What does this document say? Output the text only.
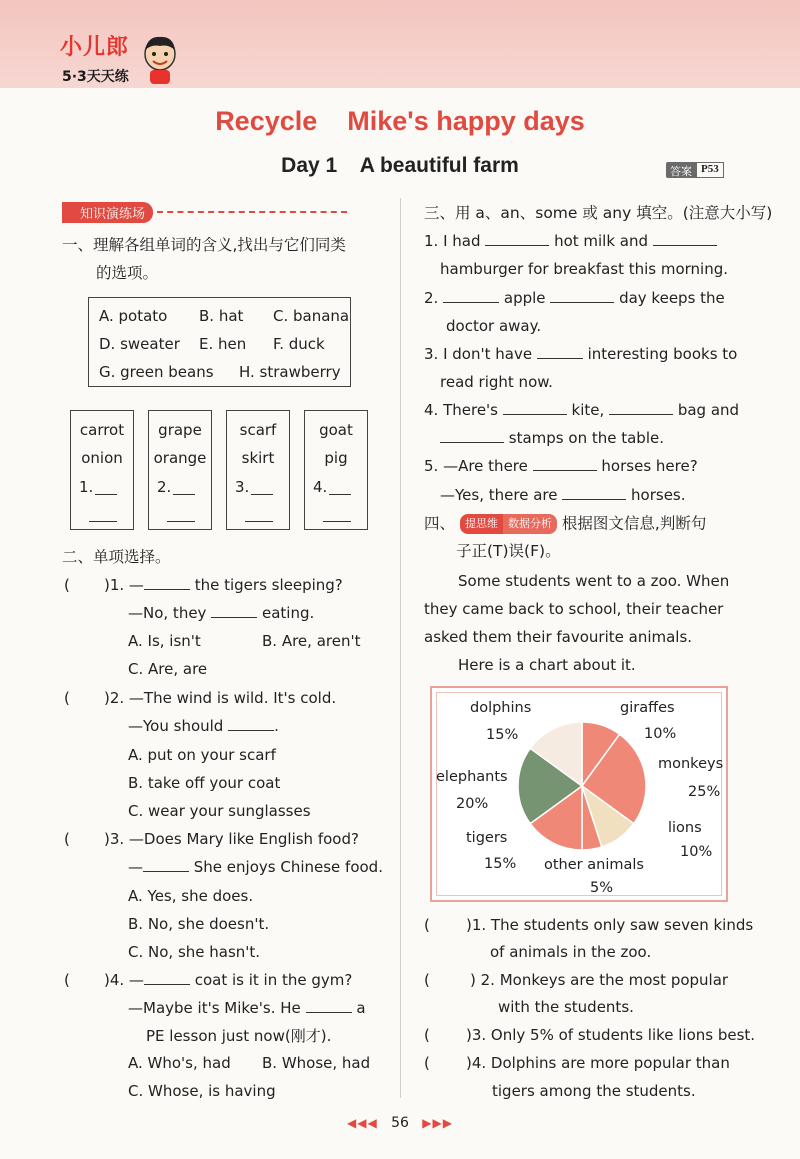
小儿郎
5·3天天练
Recycle    Mike's happy days
Day 1    A beautiful farm	答案 P53
知识演练场
一、理解各组单词的含义,找出与它们同类
的选项。
A. potato B. hat C. banana
D. sweater E. hen F. duck
G. green beans H. strawberry
carrot
onion
1.
grape
orange
2.
scarf
skirt
3.
goat
pig
4.
二、单项选择。
( )1. —	the tigers sleeping?
—No, they	eating.
A. Is, isn't	B. Are, aren't
C. Are, are
( )2. —The wind is wild. It's cold.
—You should	.
A. put on your scarf
B. take off your coat
C. wear your sunglasses
( )3. —Does Mary like English food?
—	She enjoys Chinese food.
A. Yes, she does.
B. No, she doesn't.
C. No, she hasn't.
( )4. —	coat is it in the gym?
—Maybe it's Mike's. He	a
PE lesson just now(刚才).
A. Who's, had B. Whose, had
C. Whose, is having
三、用 a、an、some 或 any 填空。(注意大小写)
1. I had	hot milk and
hamburger for breakfast this morning.
2.	apple	day keeps the
doctor away.
3. I don't have	interesting books to
read right now.
4. There's	kite,	bag and
stamps on the table.
5. —Are there	horses here?
—Yes, there are	horses.
四、 提思维 数据分析 根据图文信息,判断句
子正(T)误(F)。
Some students went to a zoo. When
they came back to school, their teacher
asked them their favourite animals.
Here is a chart about it.
giraffes
10%
monkeys
25%
lions
10%
other animals
5%
tigers
15%
elephants
20%
dolphins
15%
( )1. The students only saw seven kinds
of animals in the zoo.
(	) 2. Monkeys are the most popular
with the students.
( )3. Only 5% of students like lions best.
( )4. Dolphins are more popular than
tigers among the students.
◀◀◀ 56 ▶▶▶
